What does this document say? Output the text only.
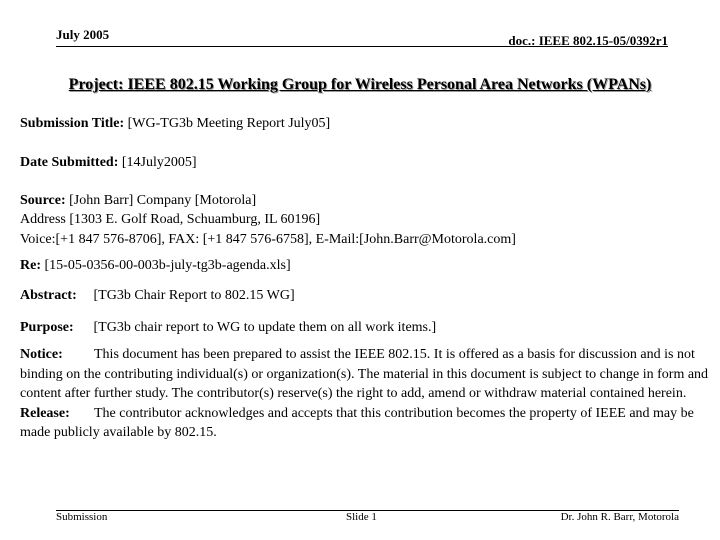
July 2005	doc.: IEEE 802.15-05/0392r1
Project: IEEE 802.15 Working Group for Wireless Personal Area Networks (WPANs)
Submission Title: [WG-TG3b Meeting Report July05]
Date Submitted: [14July2005]
Source: [John Barr] Company [Motorola]
Address [1303 E. Golf Road, Schuamburg, IL 60196]
Voice:[+1 847 576-8706], FAX: [+1 847 576-6758], E-Mail:[John.Barr@Motorola.com]
Re: [15-05-0356-00-003b-july-tg3b-agenda.xls]
Abstract: [TG3b Chair Report to 802.15 WG]
Purpose: [TG3b chair report to WG to update them on all work items.]
Notice: This document has been prepared to assist the IEEE 802.15. It is offered as a basis for discussion and is not binding on the contributing individual(s) or organization(s). The material in this document is subject to change in form and content after further study. The contributor(s) reserve(s) the right to add, amend or withdraw material contained herein.
Release: The contributor acknowledges and accepts that this contribution becomes the property of IEEE and may be made publicly available by 802.15.
Submission	Slide 1	Dr. John R. Barr, Motorola
